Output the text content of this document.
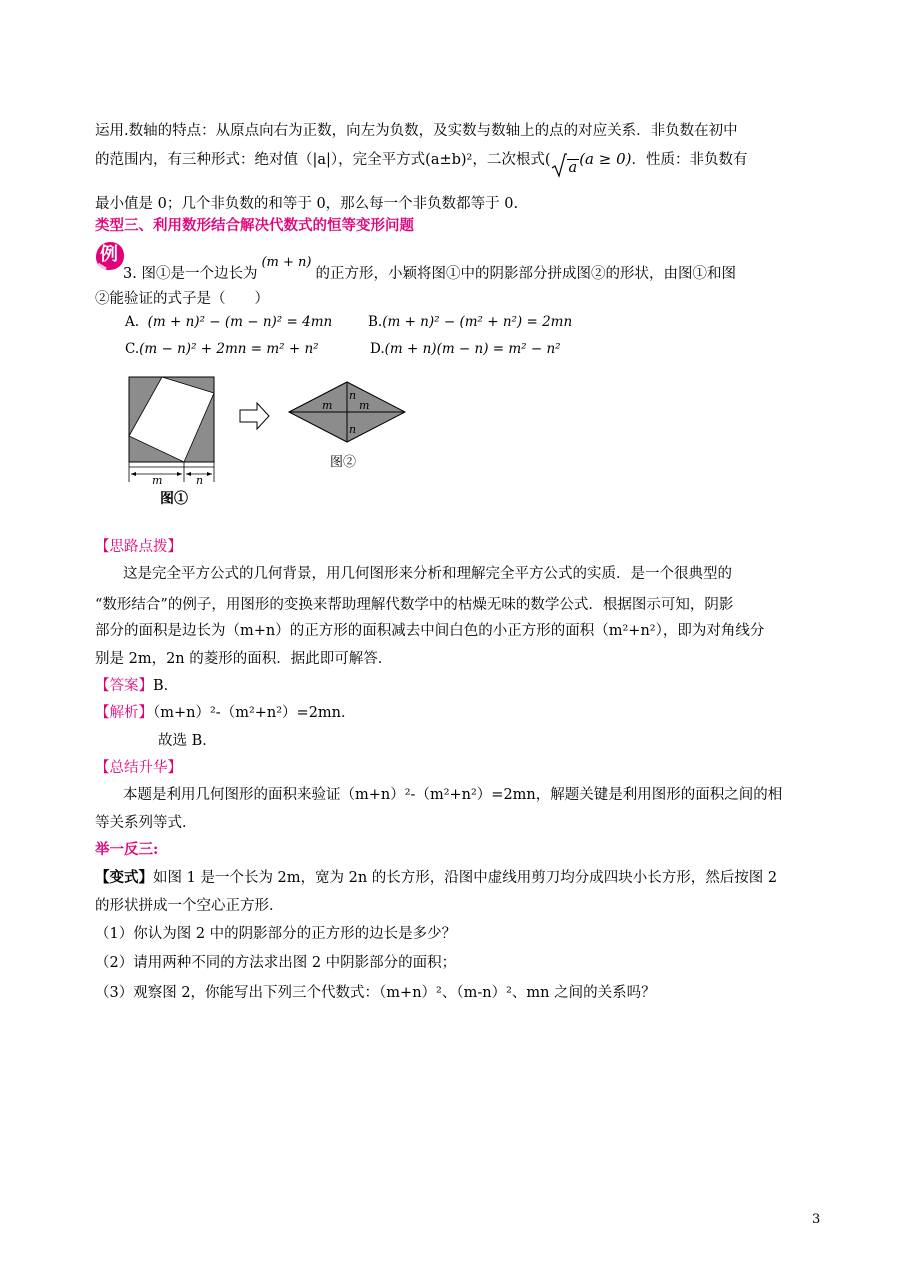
运用.数轴的特点：从原点向右为正数，向左为负数，及实数与数轴上的点的对应关系．非负数在初中
的范围内，有三种形式：绝对值（|a|），完全平方式(a±b)²，二次根式( a (a ≥ 0)．性质：非负数有
最小值是 0；几个非负数的和等于 0，那么每一个非负数都等于 0.
类型三、利用数形结合解决代数式的恒等变形问题
例
3. 图①是一个边长为(m + n)的正方形，小颖将图①中的阴影部分拼成图②的形状，由图①和图
②能验证的式子是（　　）
A. (m + n)² − (m − n)² = 4mn	B.(m + n)² − (m² + n²) = 2mn
C.(m − n)² + 2mn = m² + n²	D.(m + n)(m − n) = m² − n²
m	n
图①
m
n
m
n
图②
【思路点拨】
这是完全平方公式的几何背景，用几何图形来分析和理解完全平方公式的实质．是一个很典型的
“数形结合”的例子，用图形的变换来帮助理解代数学中的枯燥无味的数学公式．根据图示可知，阴影
部分的面积是边长为（m+n）的正方形的面积减去中间白色的小正方形的面积（m²+n²），即为对角线分
别是 2m，2n 的菱形的面积．据此即可解答．
【答案】B．
【解析】（m+n）²-（m²+n²）=2mn．
故选 B．
【总结升华】
本题是利用几何图形的面积来验证（m+n）²-（m²+n²）=2mn，解题关键是利用图形的面积之间的相
等关系列等式．
举一反三:
【变式】如图 1 是一个长为 2m，宽为 2n 的长方形，沿图中虚线用剪刀均分成四块小长方形，然后按图 2
的形状拼成一个空心正方形．
（1）你认为图 2 中的阴影部分的正方形的边长是多少？
（2）请用两种不同的方法求出图 2 中阴影部分的面积；
（3）观察图 2，你能写出下列三个代数式：（m+n）²、（m-n）²、mn 之间的关系吗？
3
